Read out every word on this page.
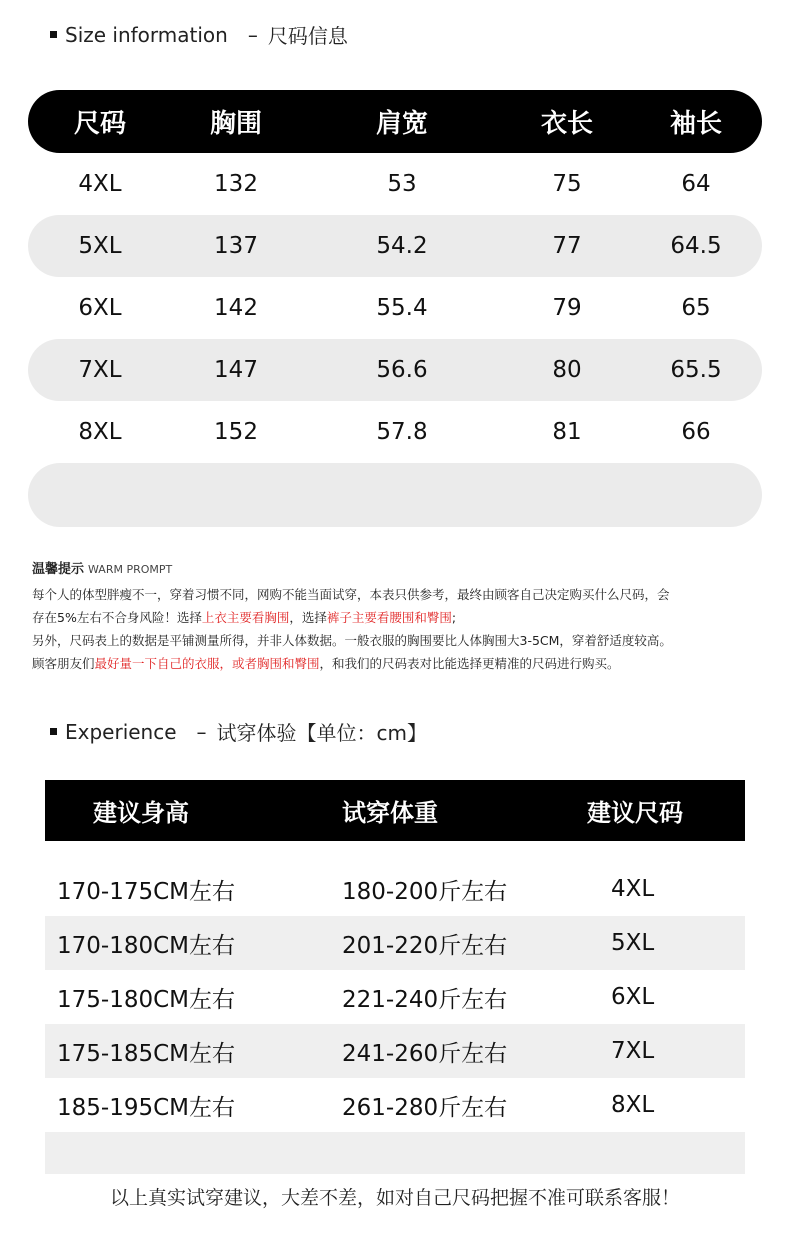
Size information – 尺码信息
尺码	胸围	肩宽	衣长	袖长
4XL	132	53	75	64
5XL	137	54.2	77	64.5
6XL	142	55.4	79	65
7XL	147	56.6	80	65.5
8XL	152	57.8	81	66
温馨提示 WARM PROMPT
每个人的体型胖瘦不一，穿着习惯不同，网购不能当面试穿，本表只供参考，最终由顾客自己决定购买什么尺码，会
存在5%左右不合身风险！选择上衣主要看胸围，选择裤子主要看腰围和臀围;
另外，尺码表上的数据是平铺测量所得，并非人体数据。一般衣服的胸围要比人体胸围大3-5CM，穿着舒适度较高。
顾客朋友们最好量一下自己的衣服，或者胸围和臀围，和我们的尺码表对比能选择更精准的尺码进行购买。
Experience – 试穿体验【单位：cm】
建议身高	试穿体重	建议尺码
170-175CM左右	180-200斤左右	4XL
170-180CM左右	201-220斤左右	5XL
175-180CM左右	221-240斤左右	6XL
175-185CM左右	241-260斤左右	7XL
185-195CM左右	261-280斤左右	8XL
以上真实试穿建议，大差不差，如对自己尺码把握不准可联系客服！
